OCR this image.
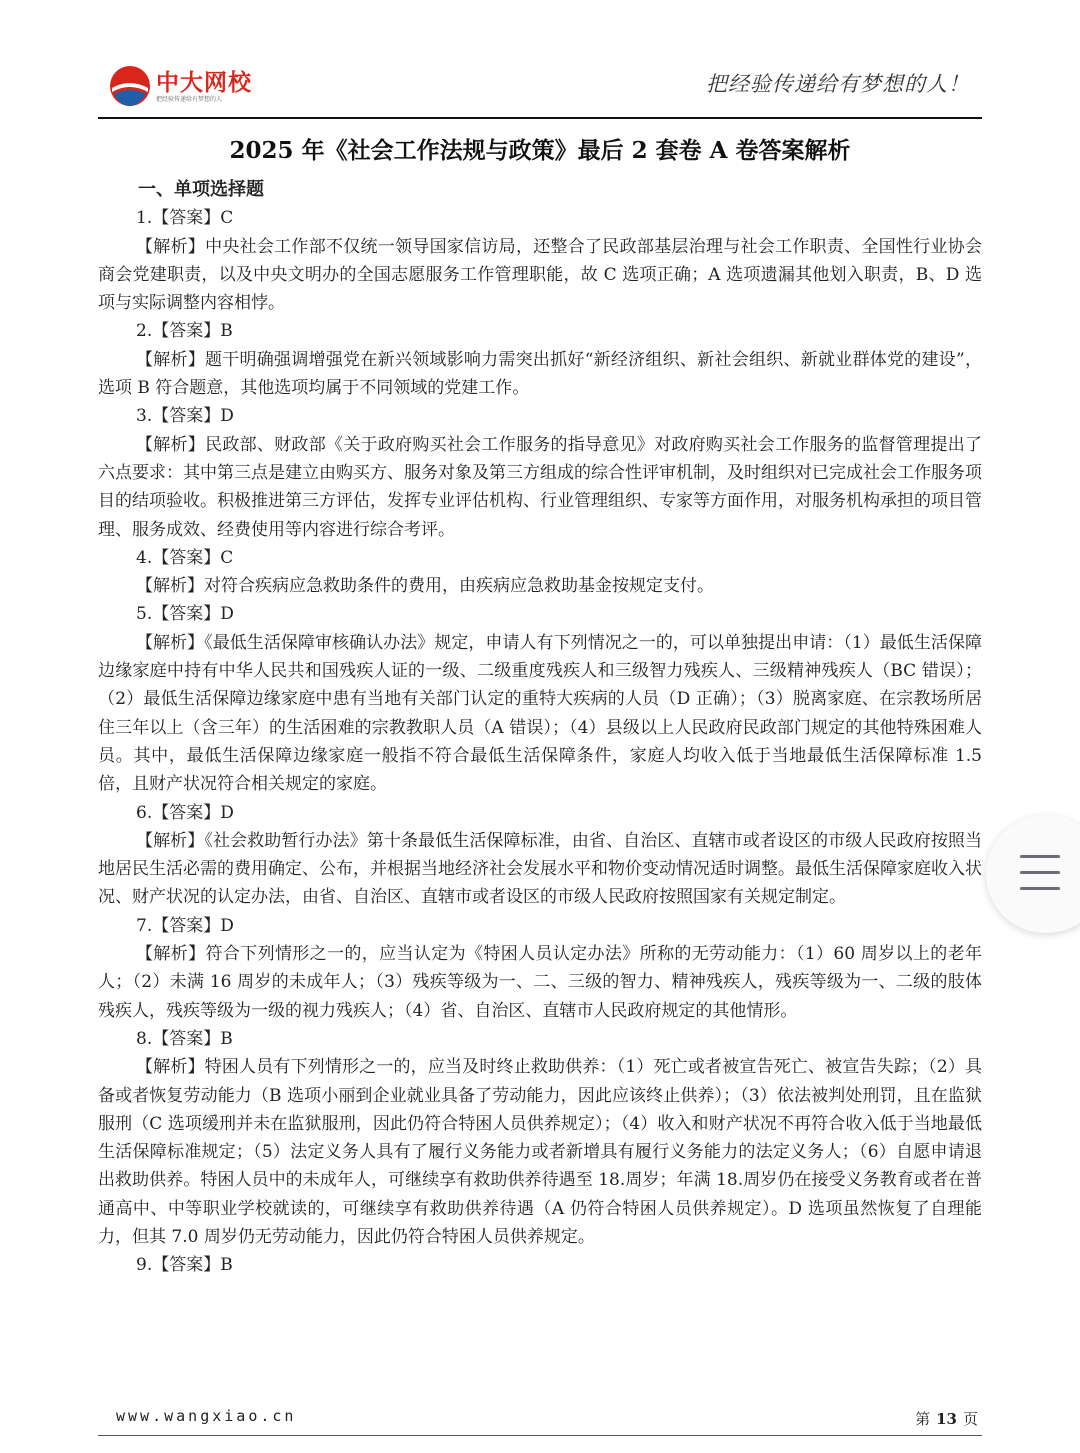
中大网校
把经验传递给有梦想的人
把经验传递给有梦想的人！
2025 年《社会工作法规与政策》最后 2 套卷 A 卷答案解析

一、单项选择题

1.【答案】C

【解析】中央社会工作部不仅统一领导国家信访局，还整合了民政部基层治理与社会工作职责、全国性行业协会商会党建职责，以及中央文明办的全国志愿服务工作管理职能，故 C 选项正确；A 选项遗漏其他划入职责，B、D 选项与实际调整内容相悖。

2.【答案】B

【解析】题干明确强调增强党在新兴领域影响力需突出抓好“新经济组织、新社会组织、新就业群体党的建设”，选项 B 符合题意，其他选项均属于不同领域的党建工作。

3.【答案】D

【解析】民政部、财政部《关于政府购买社会工作服务的指导意见》对政府购买社会工作服务的监督管理提出了六点要求：其中第三点是建立由购买方、服务对象及第三方组成的综合性评审机制，及时组织对已完成社会工作服务项目的结项验收。积极推进第三方评估，发挥专业评估机构、行业管理组织、专家等方面作用，对服务机构承担的项目管理、服务成效、经费使用等内容进行综合考评。

4.【答案】C

【解析】对符合疾病应急救助条件的费用，由疾病应急救助基金按规定支付。

5.【答案】D

【解析】《最低生活保障审核确认办法》规定，申请人有下列情况之一的，可以单独提出申请：（1）最低生活保障边缘家庭中持有中华人民共和国残疾人证的一级、二级重度残疾人和三级智力残疾人、三级精神残疾人（BC 错误）；（2）最低生活保障边缘家庭中患有当地有关部门认定的重特大疾病的人员（D 正确）；（3）脱离家庭、在宗教场所居住三年以上（含三年）的生活困难的宗教教职人员（A 错误）；（4）县级以上人民政府民政部门规定的其他特殊困难人员。其中，最低生活保障边缘家庭一般指不符合最低生活保障条件，家庭人均收入低于当地最低生活保障标准 1.5 倍，且财产状况符合相关规定的家庭。

6.【答案】D

【解析】《社会救助暂行办法》第十条最低生活保障标准，由省、自治区、直辖市或者设区的市级人民政府按照当地居民生活必需的费用确定、公布，并根据当地经济社会发展水平和物价变动情况适时调整。最低生活保障家庭收入状况、财产状况的认定办法，由省、自治区、直辖市或者设区的市级人民政府按照国家有关规定制定。

7.【答案】D

【解析】符合下列情形之一的，应当认定为《特困人员认定办法》所称的无劳动能力：（1）60 周岁以上的老年人；（2）未满 16 周岁的未成年人；（3）残疾等级为一、二、三级的智力、精神残疾人，残疾等级为一、二级的肢体残疾人，残疾等级为一级的视力残疾人；（4）省、自治区、直辖市人民政府规定的其他情形。

8.【答案】B

【解析】特困人员有下列情形之一的，应当及时终止救助供养：（1）死亡或者被宣告死亡、被宣告失踪；（2）具备或者恢复劳动能力（B 选项小丽到企业就业具备了劳动能力，因此应该终止供养）；（3）依法被判处刑罚，且在监狱服刑（C 选项缓刑并未在监狱服刑，因此仍符合特困人员供养规定）；（4）收入和财产状况不再符合收入低于当地最低生活保障标准规定；（5）法定义务人具有了履行义务能力或者新增具有履行义务能力的法定义务人；（6）自愿申请退出救助供养。特困人员中的未成年人，可继续享有救助供养待遇至 18.周岁；年满 18.周岁仍在接受义务教育或者在普通高中、中等职业学校就读的，可继续享有救助供养待遇（A 仍符合特困人员供养规定）。D 选项虽然恢复了自理能力，但其 7.0 周岁仍无劳动能力，因此仍符合特困人员供养规定。

9.【答案】B

www.wangxiao.cn	第 13 页
